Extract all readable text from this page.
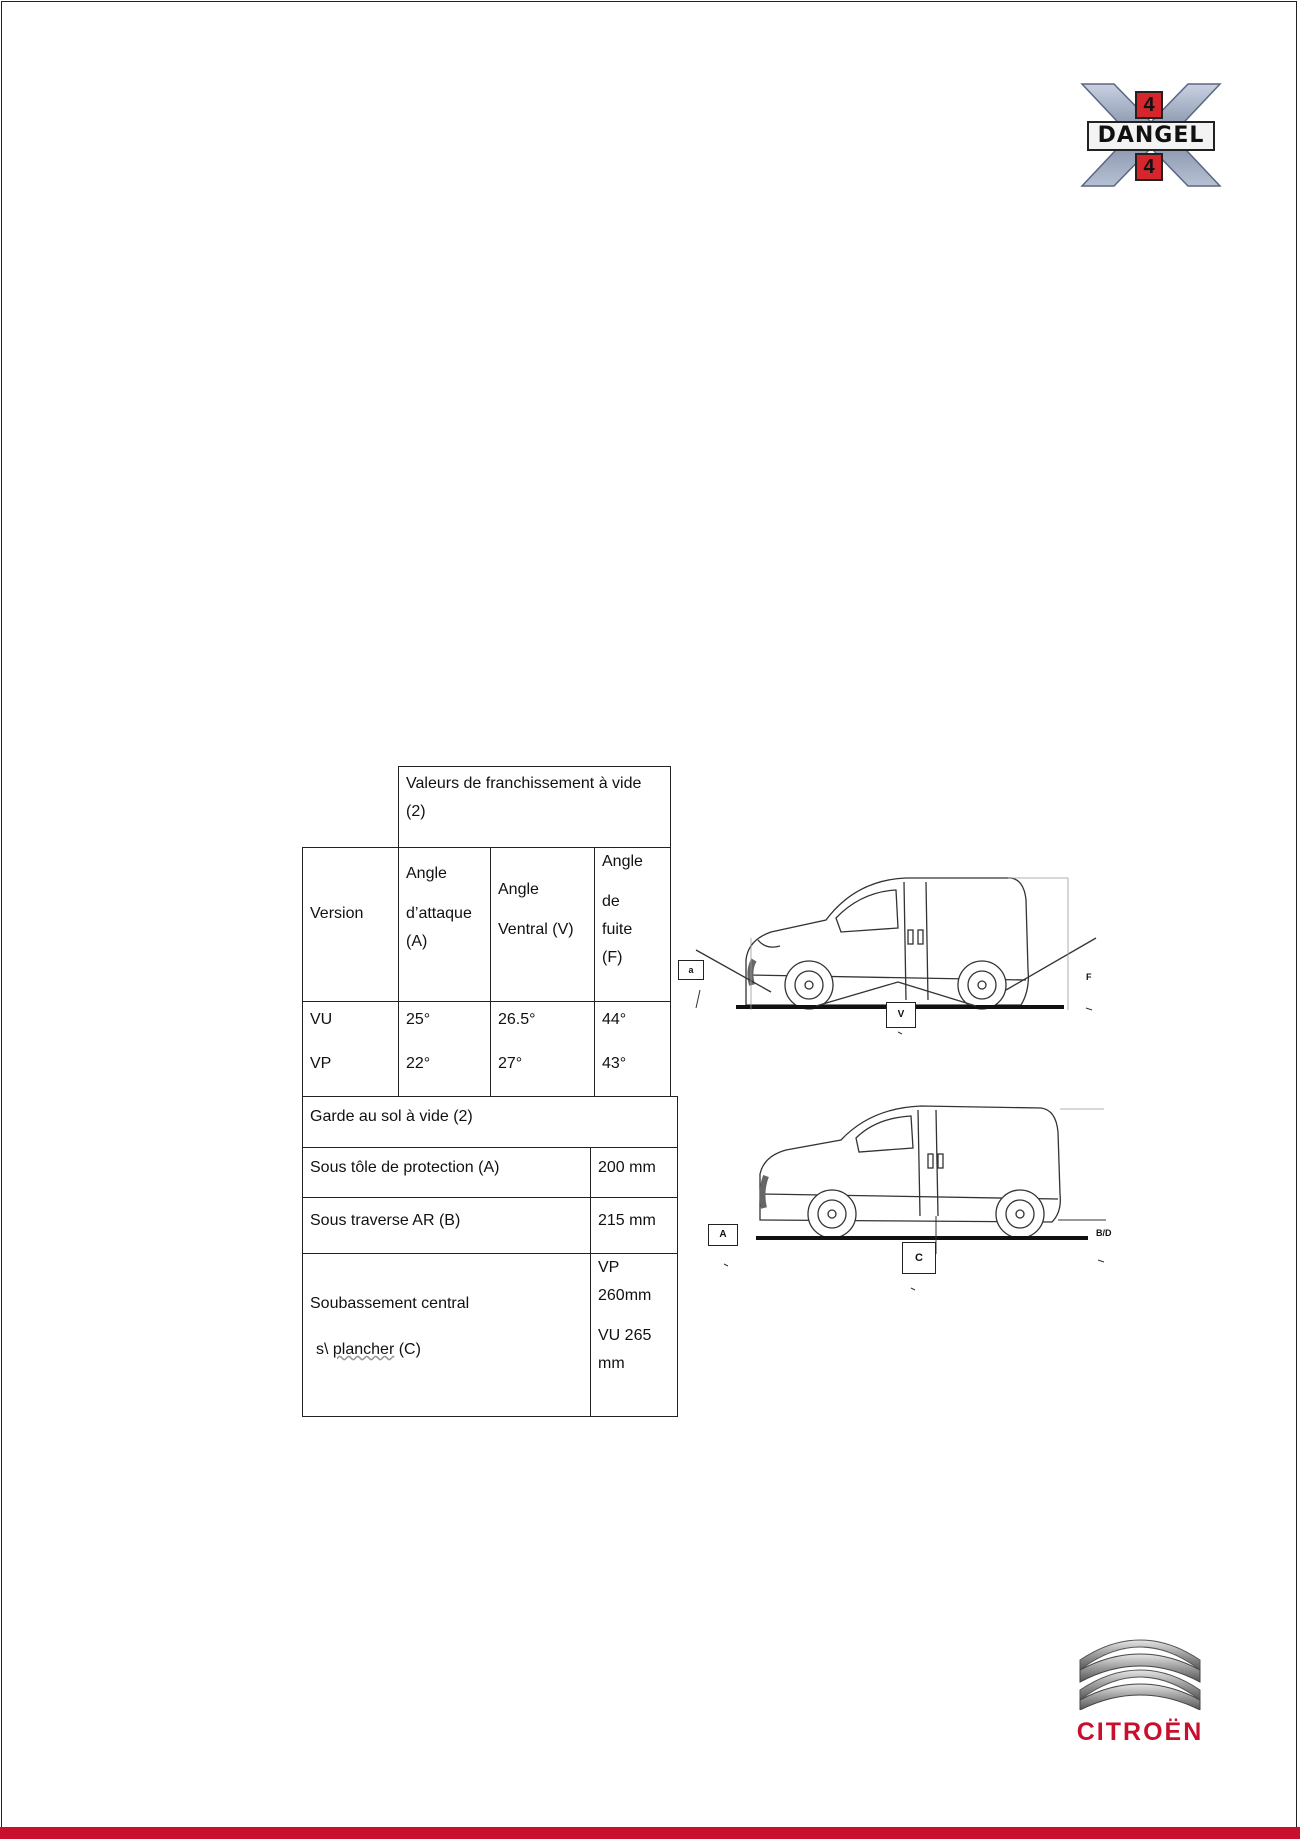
4
DANGEL
4
Valeurs de franchissement à vide (2)
Version
Angle
d’attaque
(A)
Angle
Ventral (V)
Angle
de
fuite
(F)
VU
VP
25°
22°
26.5°
27°
44°
43°
Garde au sol à vide (2)
Sous tôle de protection (A)	200 mm
Sous traverse AR (B)	215 mm
Soubassement central
s\ plancher (C)
VP
260mm
VU 265
mm
a
V
F
A
C
B/D
CITROËN
